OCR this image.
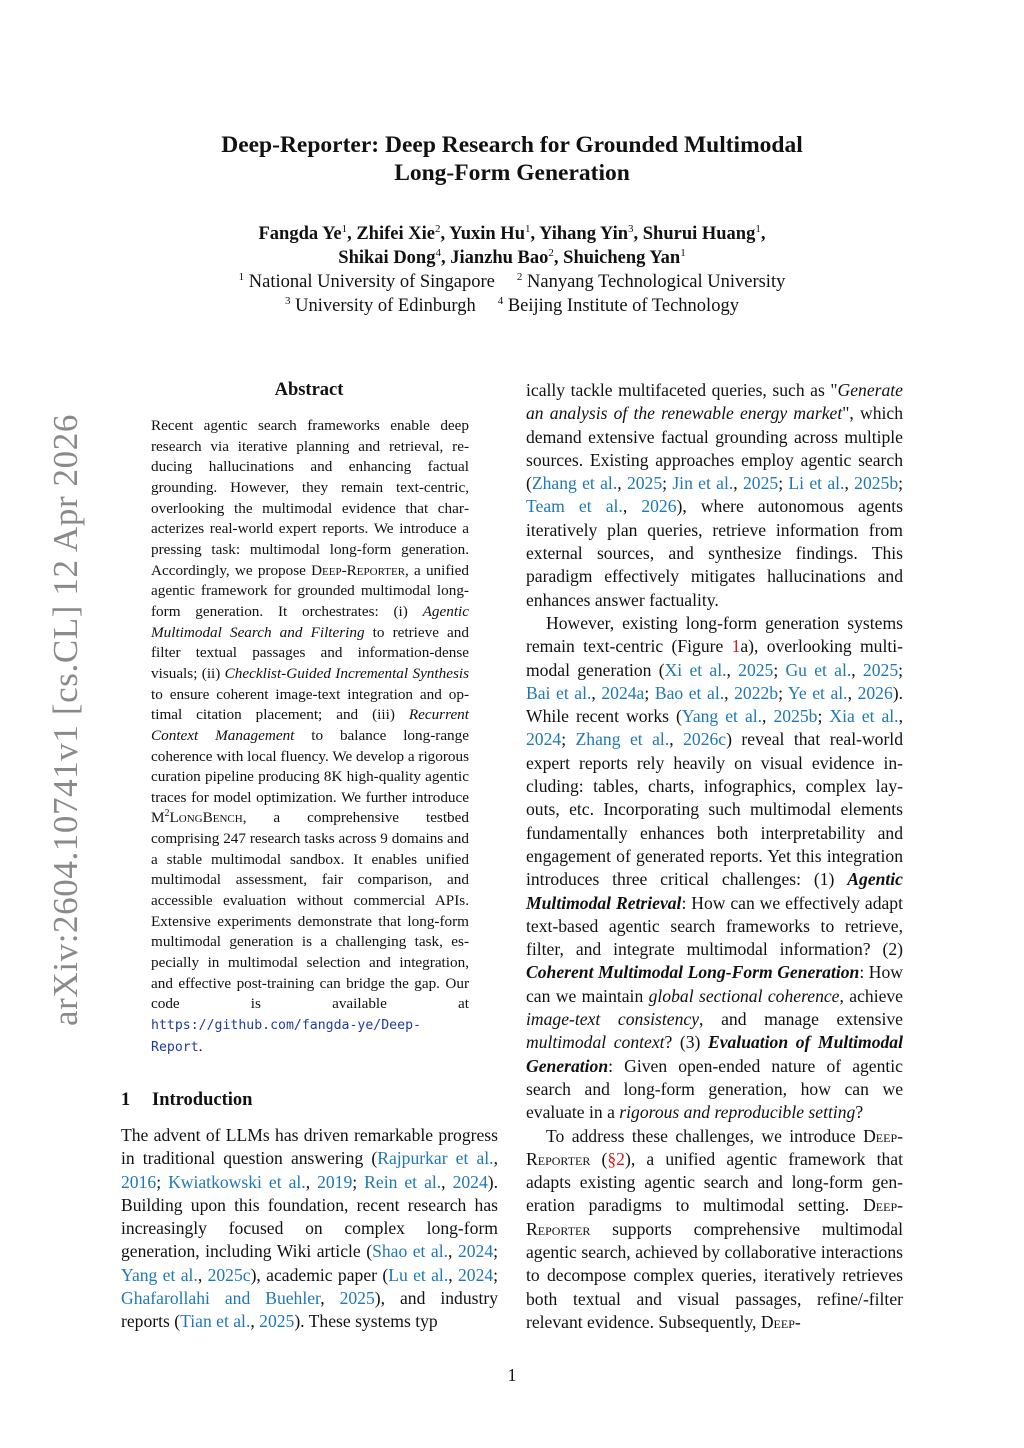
arXiv:2604.10741v1 [cs.CL] 12 Apr 2026
Deep-Reporter: Deep Research for Grounded Multimodal
Long-Form Generation
Fangda Ye$^1$, Zhifei Xie$^2$, Yuxin Hu$^1$, Yihang Yin$^3$, Shurui Huang$^1$,
Shikai Dong$^4$, Jianzhu Bao$^2$, Shuicheng Yan$^1$
$^1$ National University of Singapore $^2$ Nanyang Technological University
$^3$ University of Edinburgh $^4$ Beijing Institute of Technology
Abstract
Recent agentic search frameworks enable deep research via iterative planning and retrieval, reducing hallucinations and enhancing factual grounding. However, they remain text-centric, overlooking the multimodal evidence that characterizes real-world expert reports. We introduce a pressing task: multimodal long-form generation. Accordingly, we propose Deep-Reporter, a unified agentic framework for grounded multimodal long-form generation. It orchestrates: (i) Agentic Multimodal Search and Filtering to retrieve and filter textual passages and information-dense visuals; (ii) Checklist-Guided Incremental Synthesis to ensure coherent image-text integration and optimal citation placement; and (iii) Recurrent Context Management to balance long-range coherence with local fluency. We develop a rigorous curation pipeline producing 8K high-quality agentic traces for model optimization. We further introduce $M^2LongBench$, a comprehensive testbed comprising 247 research tasks across 9 domains and a stable multimodal sandbox. It enables unified multimodal assessment, fair comparison, and accessible evaluation without commercial APIs. Extensive experiments demonstrate that long-form multimodal generation is a challenging task, especially in multimodal selection and integration, and effective post-training can bridge the gap. Our code is available at https://github.com/fangda-ye/Deep-Report.
1 Introduction
The advent of LLMs has driven remarkable progress in traditional question answering (Rajpurkar et al., 2016; Kwiatkowski et al., 2019; Rein et al., 2024). Building upon this foundation, recent research has increasingly focused on complex long-form generation, including Wiki article (Shao et al., 2024; Yang et al., 2025c), academic paper (Lu et al., 2024; Ghafarollahi and Buehler, 2025), and industry reports (Tian et al., 2025). These systems typ

ically tackle multifaceted queries, such as "Generate an analysis of the renewable energy market", which demand extensive factual grounding across multiple sources. Existing approaches employ agentic search (Zhang et al., 2025; Jin et al., 2025; Li et al., 2025b; Team et al., 2026), where autonomous agents iteratively plan queries, retrieve information from external sources, and synthesize findings. This paradigm effectively mitigates hallucinations and enhances answer factuality.

However, existing long-form generation systems remain text-centric (Figure 1a), overlooking multimodal generation (Xi et al., 2025; Gu et al., 2025; Bai et al., 2024a; Bao et al., 2022b; Ye et al., 2026). While recent works (Yang et al., 2025b; Xia et al., 2024; Zhang et al., 2026c) reveal that real-world expert reports rely heavily on visual evidence including: tables, charts, infographics, complex layouts, etc. Incorporating such multimodal elements fundamentally enhances both interpretability and engagement of generated reports. Yet this integration introduces three critical challenges: (1) Agentic Multimodal Retrieval: How can we effectively adapt text-based agentic search frameworks to retrieve, filter, and integrate multimodal information? (2) Coherent Multimodal Long-Form Generation: How can we maintain global sectional coherence, achieve image-text consistency, and manage extensive multimodal context? (3) Evaluation of Multimodal Generation: Given open-ended nature of agentic search and long-form generation, how can we evaluate in a rigorous and reproducible setting?

To address these challenges, we introduce Deep-Reporter (§2), a unified agentic framework that adapts existing agentic search and long-form generation paradigms to multimodal setting. Deep-Reporter supports comprehensive multimodal agentic search, achieved by collaborative interactions to decompose complex queries, iteratively retrieves both textual and visual passages, refine/-filter relevant evidence. Subsequently, Deep-

1
